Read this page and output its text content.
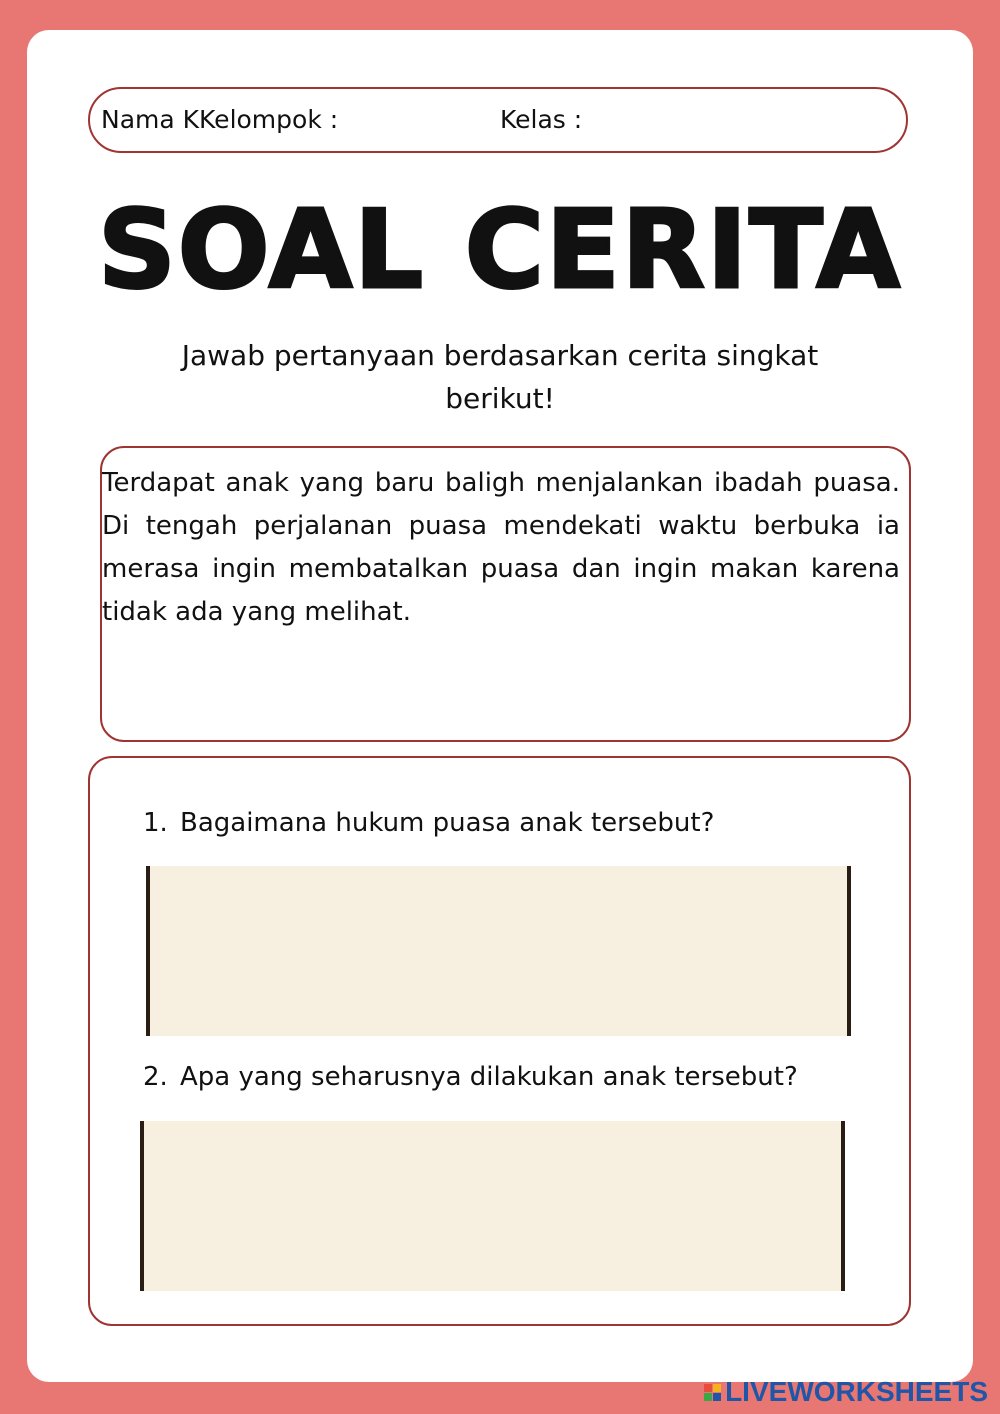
Nama KKelompok :	Kelas :
SOAL CERITA
Jawab pertanyaan berdasarkan cerita singkat berikut!
Terdapat anak yang baru baligh menjalankan ibadah puasa. Di tengah perjalanan puasa mendekati waktu berbuka ia merasa ingin membatalkan puasa dan ingin makan karena tidak ada yang melihat.
1. Bagaimana hukum puasa anak tersebut?
2. Apa yang seharusnya dilakukan anak tersebut?
LIVEWORKSHEETS
